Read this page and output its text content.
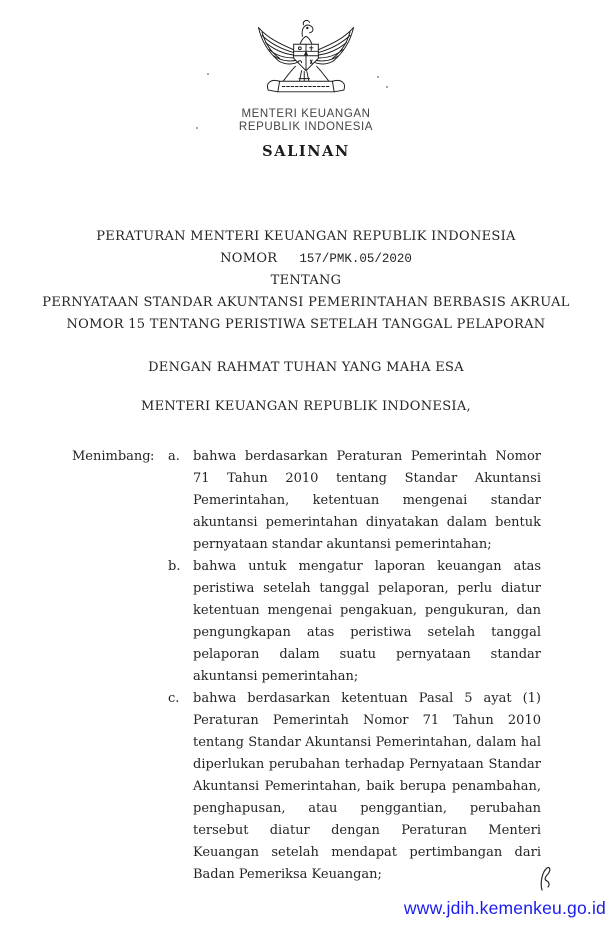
MENTERI KEUANGAN
REPUBLIK INDONESIA
SALINAN
PERATURAN MENTERI KEUANGAN REPUBLIK INDONESIA
NOMOR 157/PMK.05/2020
TENTANG
PERNYATAAN STANDAR AKUNTANSI PEMERINTAHAN BERBASIS AKRUAL
NOMOR 15 TENTANG PERISTIWA SETELAH TANGGAL PELAPORAN
DENGAN RAHMAT TUHAN YANG MAHA ESA
MENTERI KEUANGAN REPUBLIK INDONESIA,
Menimbang :	a.	bahwa berdasarkan Peraturan Pemerintah Nomor 71 Tahun 2010 tentang Standar Akuntansi Pemerintahan, ketentuan mengenai standar akuntansi pemerintahan dinyatakan dalam bentuk pernyataan standar akuntansi pemerintahan;

b. bahwa untuk mengatur laporan keuangan atas peristiwa setelah tanggal pelaporan, perlu diatur ketentuan mengenai pengakuan, pengukuran, dan pengungkapan atas peristiwa setelah tanggal pelaporan dalam suatu pernyataan standar akuntansi pemerintahan;

c.	bahwa berdasarkan ketentuan Pasal 5 ayat (1) Peraturan Pemerintah Nomor 71 Tahun 2010 tentang Standar Akuntansi Pemerintahan, dalam hal diperlukan perubahan terhadap Pernyataan Standar Akuntansi Pemerintahan, baik berupa penambahan, penghapusan, atau penggantian, perubahan tersebut diatur dengan Peraturan Menteri Keuangan setelah mendapat pertimbangan dari Badan Pemeriksa Keuangan;

www.jdih.kemenkeu.go.id
